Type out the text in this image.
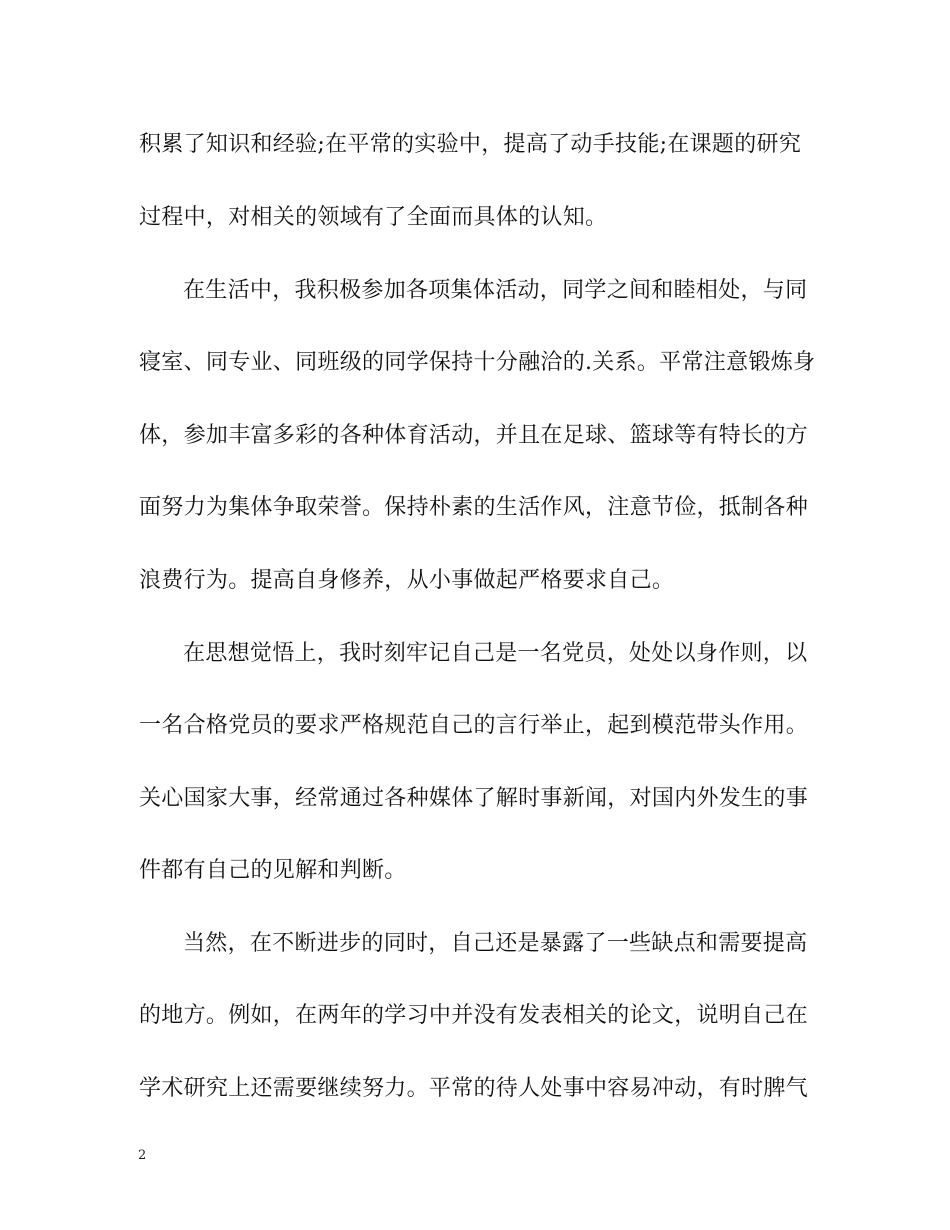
积累了知识和经验;在平常的实验中，提高了动手技能;在课题的研究
过程中，对相关的领域有了全面而具体的认知。
在生活中，我积极参加各项集体活动，同学之间和睦相处，与同
寝室、同专业、同班级的同学保持十分融洽的.关系。平常注意锻炼身
体，参加丰富多彩的各种体育活动，并且在足球、篮球等有特长的方
面努力为集体争取荣誉。保持朴素的生活作风，注意节俭，抵制各种
浪费行为。提高自身修养，从小事做起严格要求自己。
在思想觉悟上，我时刻牢记自己是一名党员，处处以身作则，以
一名合格党员的要求严格规范自己的言行举止，起到模范带头作用。
关心国家大事，经常通过各种媒体了解时事新闻，对国内外发生的事
件都有自己的见解和判断。
当然，在不断进步的同时，自己还是暴露了一些缺点和需要提高
的地方。例如，在两年的学习中并没有发表相关的论文，说明自己在
学术研究上还需要继续努力。平常的待人处事中容易冲动，有时脾气
2
